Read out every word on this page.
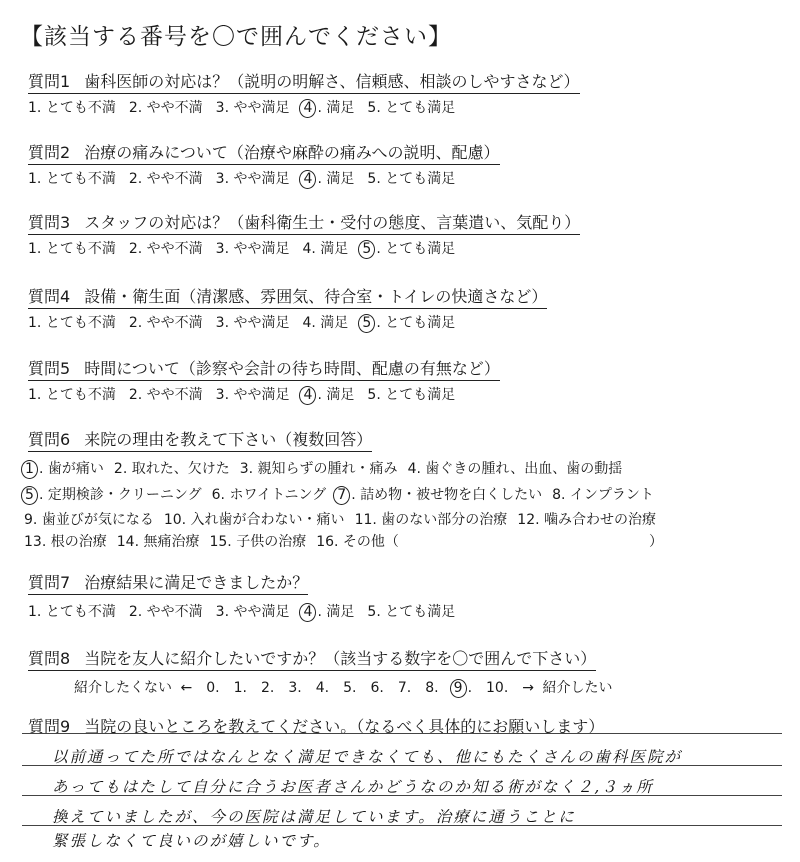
【該当する番号を〇で囲んでください】
質問1 歯科医師の対応は？（説明の明解さ、信頼感、相談のしやすさなど）
1. とても不満 2. やや不満 3. やや満足 4 . 満足 5. とても満足
質問2 治療の痛みについて（治療や麻酔の痛みへの説明、配慮）
1. とても不満 2. やや不満 3. やや満足 4 . 満足 5. とても満足
質問3 スタッフの対応は？（歯科衛生士・受付の態度、言葉遣い、気配り）
1. とても不満 2. やや不満 3. やや満足 4. 満足 5 . とても満足
質問4 設備・衛生面（清潔感、雰囲気、待合室・トイレの快適さなど）
1. とても不満 2. やや不満 3. やや満足 4. 満足 5 . とても満足
質問5 時間について（診察や会計の待ち時間、配慮の有無など）
1. とても不満 2. やや不満 3. やや満足 4 . 満足 5. とても満足
質問6 来院の理由を教えて下さい（複数回答）
1 . 歯が痛い 2. 取れた、欠けた 3. 親知らずの腫れ・痛み 4. 歯ぐきの腫れ、出血、歯の動揺
5 . 定期検診・クリーニング 6. ホワイトニング 7 . 詰め物・被せ物を白くしたい 8. インプラント
9. 歯並びが気になる 10. 入れ歯が合わない・痛い 11. 歯のない部分の治療 12. 噛み合わせの治療
13. 根の治療 14. 無痛治療 15. 子供の治療 16. その他（	）
質問7 治療結果に満足できましたか？
1. とても不満 2. やや不満 3. やや満足 4 . 満足 5. とても満足
質問8 当院を友人に紹介したいですか？（該当する数字を〇で囲んで下さい）
紹介したくない ← 0. 1. 2. 3. 4. 5. 6. 7. 8. 9 . 10. → 紹介したい
質問9 当院の良いところを教えてください。（なるべく具体的にお願いします）
以前通ってた所ではなんとなく満足できなくても、他にもたくさんの歯科医院が
あってもはたして自分に合うお医者さんかどうなのか知る術がなく２,３ヵ所
換えていましたが、今の医院は満足しています。治療に通うことに
緊張しなくて良いのが嬉しいです。
